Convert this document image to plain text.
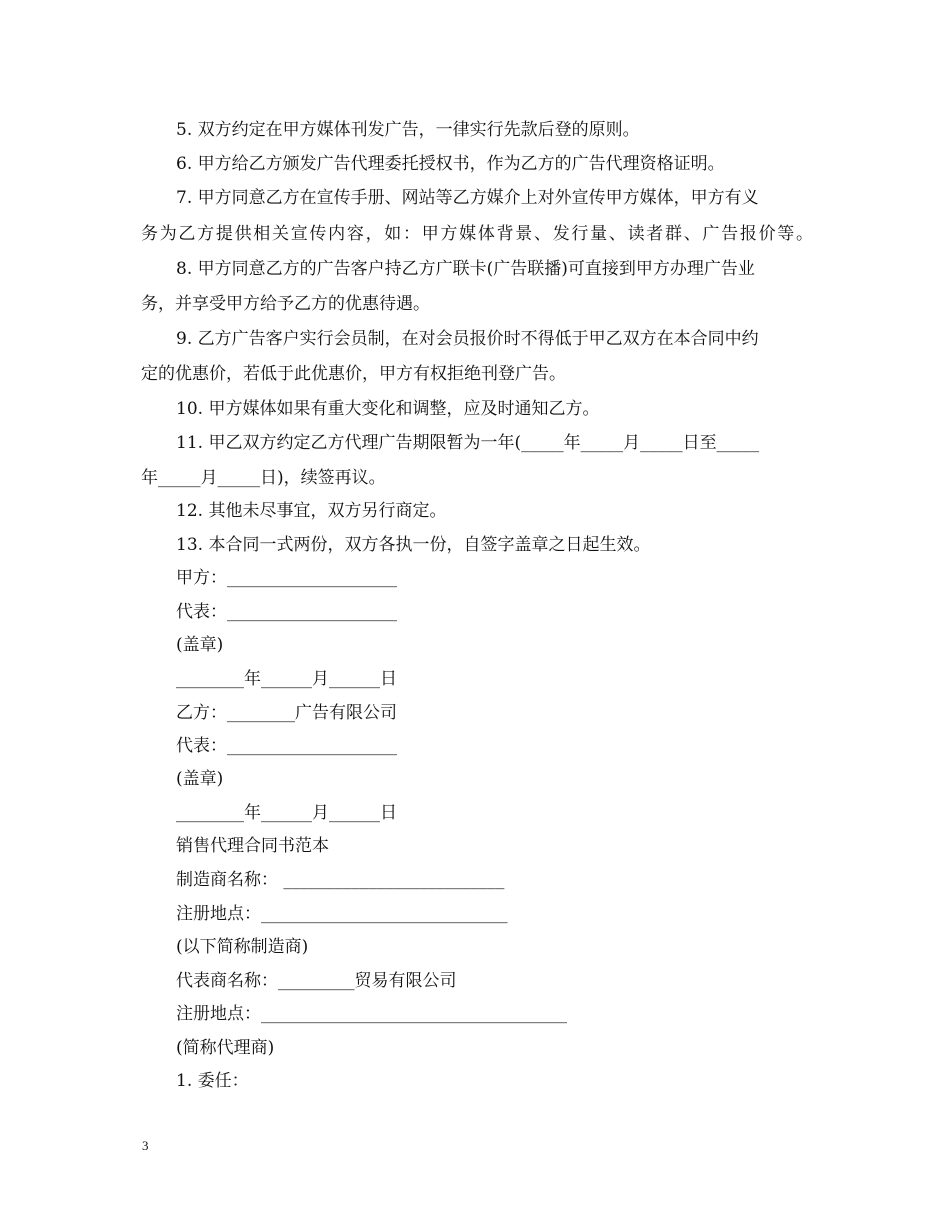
5. 双方约定在甲方媒体刊发广告，一律实行先款后登的原则。
6. 甲方给乙方颁发广告代理委托授权书，作为乙方的广告代理资格证明。
7. 甲方同意乙方在宣传手册、网站等乙方媒介上对外宣传甲方媒体，甲方有义
务为乙方提供相关宣传内容，如：甲方媒体背景、发行量、读者群、广告报价等。
8. 甲方同意乙方的广告客户持乙方广联卡(广告联播)可直接到甲方办理广告业
务，并享受甲方给予乙方的优惠待遇。
9. 乙方广告客户实行会员制，在对会员报价时不得低于甲乙双方在本合同中约
定的优惠价，若低于此优惠价，甲方有权拒绝刊登广告。
10. 甲方媒体如果有重大变化和调整，应及时通知乙方。
11. 甲乙双方约定乙方代理广告期限暂为一年(_____年_____月_____日至_____
年_____月_____日)，续签再议。
12. 其他未尽事宜，双方另行商定。
13. 本合同一式两份，双方各执一份，自签字盖章之日起生效。
甲方：____________________
代表：____________________
(盖章)
________年______月______日
乙方：________广告有限公司
代表：____________________
(盖章)
________年______月______日
销售代理合同书范本
制造商名称： __________________________
注册地点：_____________________________
(以下简称制造商)
代表商名称：_________贸易有限公司
注册地点：____________________________________
(简称代理商)
1. 委任：
3
